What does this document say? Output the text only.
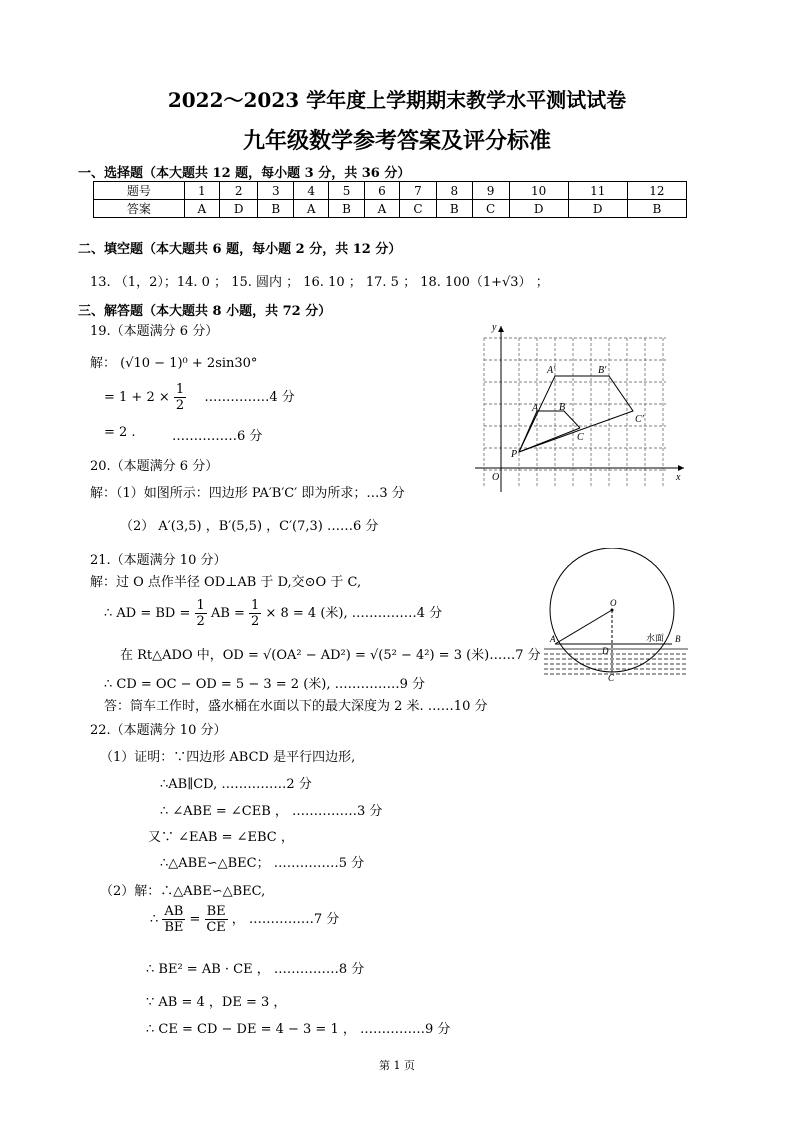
2022～2023 学年度上学期期末教学水平测试试卷
九年级数学参考答案及评分标准
一、选择题（本大题共 12 题，每小题 3 分，共 36 分）
题号	1	2	3	4	5	6	7	8	9	10	11	12
答案	A	D	B	A	B	A	C	B	C	D	D	B
二、填空题（本大题共 6 题，每小题 2 分，共 12 分）
13. （1，2）；14. 0 ； 15. 圆内 ； 16. 10 ； 17. 5 ； 18. 100（1+√3） ；
三、解答题（本大题共 8 小题，共 72 分）
19.（本题满分 6 分）
解： (√10 − 1)⁰ + 2sin30°
= $1 + 2 \times \frac{1}{2}$ ……………4 分
= 2 .	……………6 分
20.（本题满分 6 分）
解：（1）如图所示：四边形 PA′B′C′ 即为所求；…3 分
（2） A′(3,5) ，B′(5,5) ，C′(7,3) ……6 分
y
x
O
A′	B′
A B
C
C′
P
21.（本题满分 10 分）
解：过 O 点作半径 OD⊥AB 于 D,交⊙O 于 C,
∴ AD = BD = $\frac{1}{2}$ AB = $\frac{1}{2} \times 8 = 4$ (米), ……………4 分
在 Rt△ADO 中，OD = √(OA² − AD²) = √(5² − 4²) = 3 (米)……7 分
∴ CD = OC − OD = 5 − 3 = 2 (米), ……………9 分
答：筒车工作时，盛水桶在水面以下的最大深度为 2 米. ……10 分
O
A
D
B
C
水面
22.（本题满分 10 分）
（1）证明：∵四边形 ABCD 是平行四边形,
∴AB∥CD, ……………2 分
∴ ∠ABE = ∠CEB ， ……………3 分
又∵ ∠EAB = ∠EBC ，
∴△ABE∽△BEC； ……………5 分
（2）解：∴△ABE∽△BEC,
∴ $\frac{AB}{BE} = \frac{BE}{CE}$ ， ……………7 分
∴ BE² = AB · CE ， ……………8 分
∵ AB = 4 ，DE = 3 ，
∴ CE = CD − DE = 4 − 3 = 1 ， ……………9 分
第 1 页
